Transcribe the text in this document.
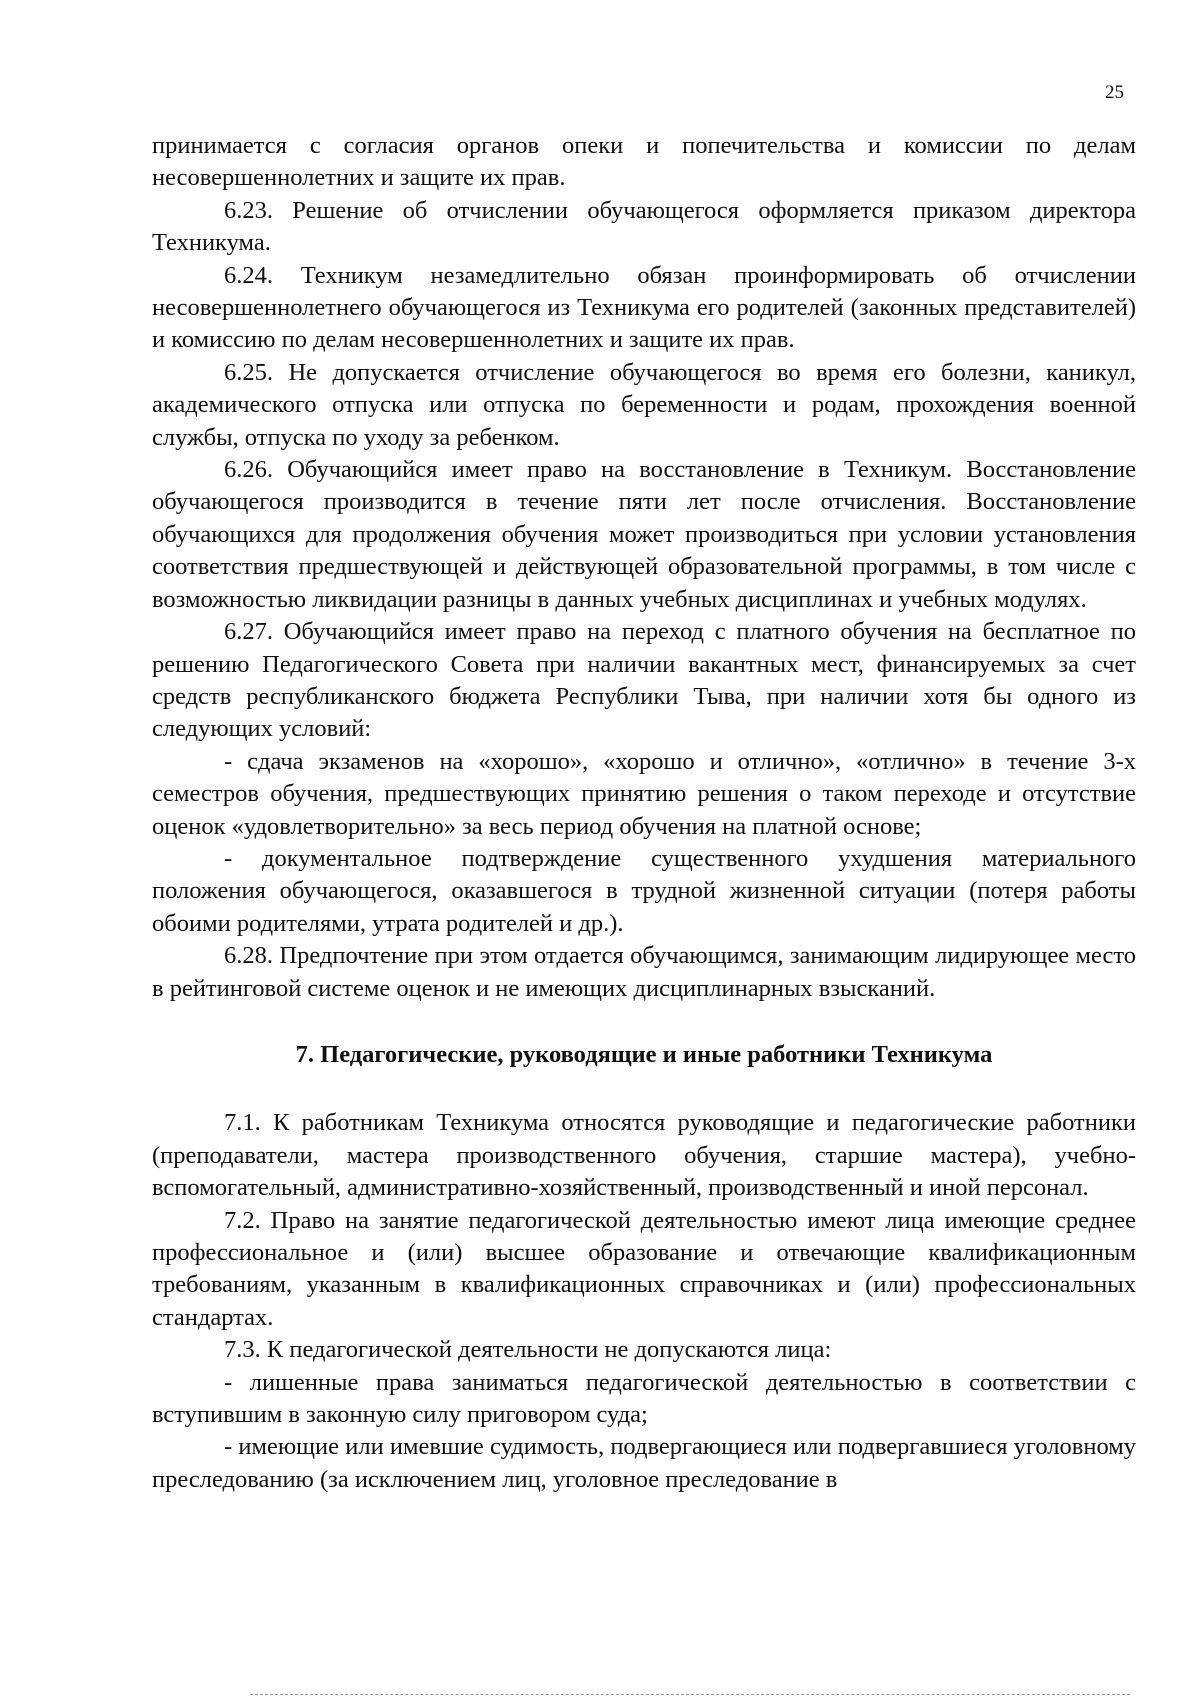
25

принимается с согласия органов опеки и попечительства и комиссии по делам несовершеннолетних и защите их прав.

6.23. Решение об отчислении обучающегося оформляется приказом директора Техникума.

6.24. Техникум незамедлительно обязан проинформировать об отчислении несовершеннолетнего обучающегося из Техникума его родителей (законных представителей) и комиссию по делам несовершеннолетних и защите их прав.

6.25. Не допускается отчисление обучающегося во время его болезни, каникул, академического отпуска или отпуска по беременности и родам, прохождения военной службы, отпуска по уходу за ребенком.

6.26. Обучающийся имеет право на восстановление в Техникум. Восстановление обучающегося производится в течение пяти лет после отчисления. Восстановление обучающихся для продолжения обучения может производиться при условии установления соответствия предшествующей и действующей образовательной программы, в том числе с возможностью ликвидации разницы в данных учебных дисциплинах и учебных модулях.

6.27. Обучающийся имеет право на переход с платного обучения на бесплатное по решению Педагогического Совета при наличии вакантных мест, финансируемых за счет средств республиканского бюджета Республики Тыва, при наличии хотя бы одного из следующих условий:

- сдача экзаменов на «хорошо», «хорошо и отлично», «отлично» в течение 3-х семестров обучения, предшествующих принятию решения о таком переходе и отсутствие оценок «удовлетворительно» за весь период обучения на платной основе;

- документальное подтверждение существенного ухудшения материального положения обучающегося, оказавшегося в трудной жизненной ситуации (потеря работы обоими родителями, утрата родителей и др.).

6.28. Предпочтение при этом отдается обучающимся, занимающим лидирующее место в рейтинговой системе оценок и не имеющих дисциплинарных взысканий.

7. Педагогические, руководящие и иные работники Техникума

7.1. К работникам Техникума относятся руководящие и педагогические работники (преподаватели, мастера производственного обучения, старшие мастера), учебно-вспомогательный, административно-хозяйственный, производственный и иной персонал.

7.2. Право на занятие педагогической деятельностью имеют лица имеющие среднее профессиональное и (или) высшее образование и отвечающие квалификационным требованиям, указанным в квалификационных справочниках и (или) профессиональных стандартах.

7.3. К педагогической деятельности не допускаются лица:

- лишенные права заниматься педагогической деятельностью в соответствии с вступившим в законную силу приговором суда;

- имеющие или имевшие судимость, подвергающиеся или подвергавшиеся уголовному преследованию (за исключением лиц, уголовное преследование в
